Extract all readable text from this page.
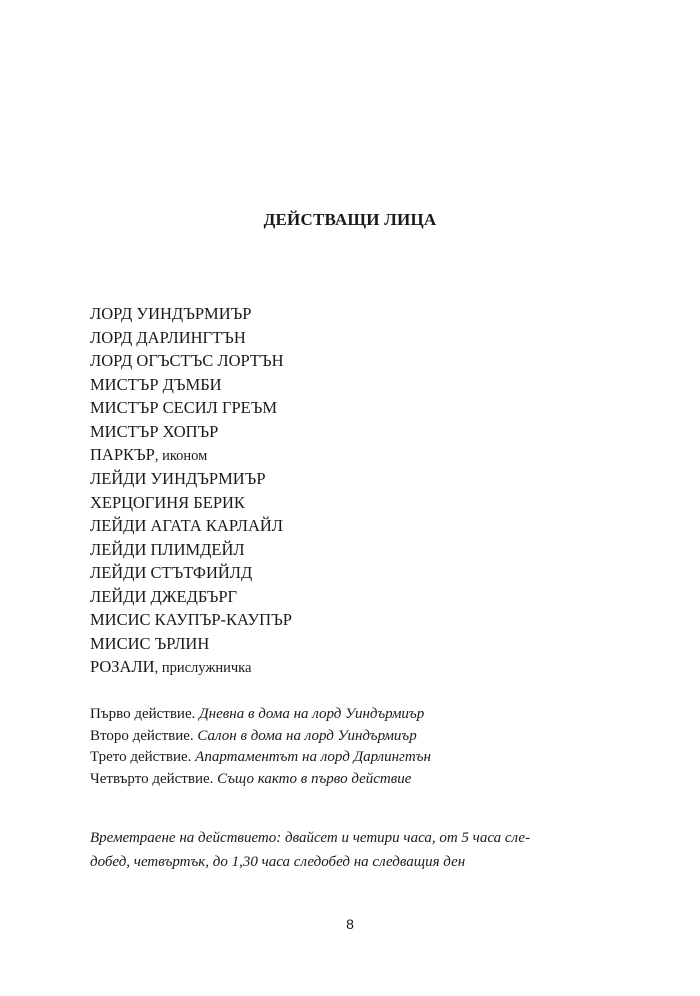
ДЕЙСТВАЩИ ЛИЦА
ЛОРД УИНДЪРМИЪР
ЛОРД ДАРЛИНГТЪН
ЛОРД ОГЪСТЪС ЛОРТЪН
МИСТЪР ДЪМБИ
МИСТЪР СЕСИЛ ГРЕЪМ
МИСТЪР ХОПЪР
ПАРКЪР, иконом
ЛЕЙДИ УИНДЪРМИЪР
ХЕРЦОГИНЯ БЕРИК
ЛЕЙДИ АГАТА КАРЛАЙЛ
ЛЕЙДИ ПЛИМДЕЙЛ
ЛЕЙДИ СТЪТФИЙЛД
ЛЕЙДИ ДЖЕДБЪРГ
МИСИС КАУПЪР-КАУПЪР
МИСИС ЪРЛИН
РОЗАЛИ, прислужничка
Първо действие. Дневна в дома на лорд Уиндърмиър
Второ действие. Салон в дома на лорд Уиндърмиър
Трето действие. Апартаментът на лорд Дарлингтън
Четвърто действие. Също както в първо действие
Времетраене на действието: двайсет и четири часа, от 5 часа сле-
добед, четвъртък, до 1,30 часа следобед на следващия ден
8
